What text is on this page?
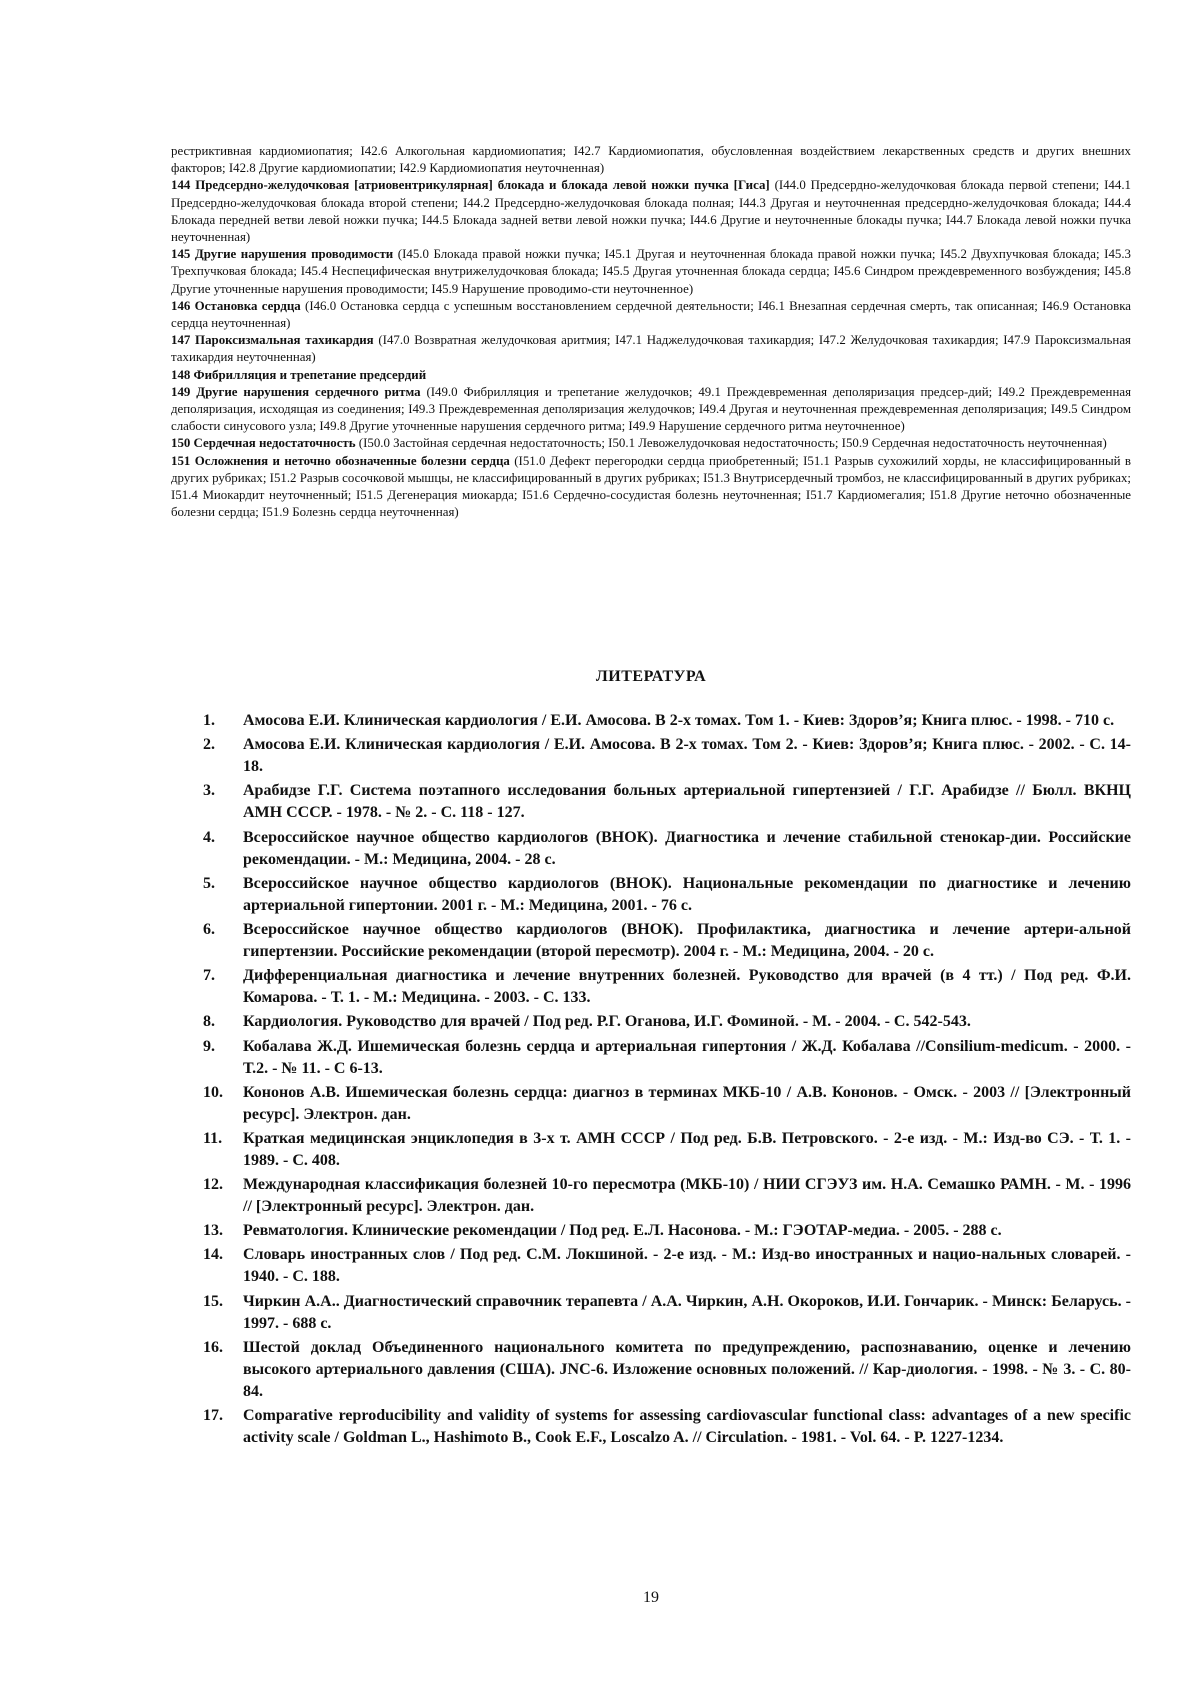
рестриктивная кардиомиопатия; I42.6 Алкогольная кардиомиопатия; I42.7 Кардиомиопатия, обусловленная воздействием лекарственных средств и других внешних факторов; I42.8 Другие кардиомиопатии; I42.9 Кардиомиопатия неуточненная)

144 Предсердно-желудочковая [атриовентрикулярная] блокада и блокада левой ножки пучка [Гиса] (I44.0 Предсердно-желудочковая блокада первой степени; I44.1 Предсердно-желудочковая блокада второй степени; I44.2 Предсердно-желудочковая блокада полная; I44.3 Другая и неуточненная предсердно-желудочковая блокада; I44.4 Блокада передней ветви левой ножки пучка; I44.5 Блокада задней ветви левой ножки пучка; I44.6 Другие и неуточненные блокады пучка; I44.7 Блокада левой ножки пучка неуточненная)

145 Другие нарушения проводимости (I45.0 Блокада правой ножки пучка; I45.1 Другая и неуточненная блокада правой ножки пучка; I45.2 Двухпучковая блокада; I45.3 Трехпучковая блокада; I45.4 Неспецифическая внутрижелудочковая блокада; I45.5 Другая уточненная блокада сердца; I45.6 Синдром преждевременного возбуждения; I45.8 Другие уточненные нарушения проводимости; I45.9 Нарушение проводимо-сти неуточненное)

146 Остановка сердца (I46.0 Остановка сердца с успешным восстановлением сердечной деятельности; I46.1 Внезапная сердечная смерть, так описанная; I46.9 Остановка сердца неуточненная)

147 Пароксизмальная тахикардия (I47.0 Возвратная желудочковая аритмия; I47.1 Наджелудочковая тахикардия; I47.2 Желудочковая тахикардия; I47.9 Пароксизмальная тахикардия неуточненная)

148 Фибрилляция и трепетание предсердий

149 Другие нарушения сердечного ритма (I49.0 Фибрилляция и трепетание желудочков; 49.1 Преждевременная деполяризация предсер-дий; I49.2 Преждевременная деполяризация, исходящая из соединения; I49.3 Преждевременная деполяризация желудочков; I49.4 Другая и неуточненная преждевременная деполяризация; I49.5 Синдром слабости синусового узла; I49.8 Другие уточненные нарушения сердечного ритма; I49.9 Нарушение сердечного ритма неуточненное)

150 Сердечная недостаточность (I50.0 Застойная сердечная недостаточность; I50.1 Левожелудочковая недостаточность; I50.9 Сердечная недостаточность неуточненная)

151 Осложнения и неточно обозначенные болезни сердца (I51.0 Дефект перегородки сердца приобретенный; I51.1 Разрыв сухожилий хорды, не классифицированный в других рубриках; I51.2 Разрыв сосочковой мышцы, не классифицированный в других рубриках; I51.3 Внутрисердечный тромбоз, не классифицированный в других рубриках; I51.4 Миокардит неуточненный; I51.5 Дегенерация миокарда; I51.6 Сердечно-сосудистая болезнь неуточненная; I51.7 Кардиомегалия; I51.8 Другие неточно обозначенные болезни сердца; I51.9 Болезнь сердца неуточненная)

ЛИТЕРАТУРА
1.	Амосова Е.И. Клиническая кардиология / Е.И. Амосова. В 2-х томах. Том 1. - Киев: Здоров’я; Книга плюс. - 1998. - 710 с.
2.	Амосова Е.И. Клиническая кардиология / Е.И. Амосова. В 2-х томах. Том 2. - Киев: Здоров’я; Книга плюс. - 2002. - С. 14-18.
3.	Арабидзе Г.Г. Система поэтапного исследования больных артериальной гипертензией / Г.Г. Арабидзе // Бюлл. ВКНЦ АМН СССР. - 1978. - № 2. - С. 118 - 127.
4.	Всероссийское научное общество кардиологов (ВНОК). Диагностика и лечение стабильной стенокар-дии. Российские рекомендации. - М.: Медицина, 2004. - 28 с.
5.	Всероссийское научное общество кардиологов (ВНОК). Национальные рекомендации по диагностике и лечению артериальной гипертонии. 2001 г. - М.: Медицина, 2001. - 76 с.
6.	Всероссийское научное общество кардиологов (ВНОК). Профилактика, диагностика и лечение артери-альной гипертензии. Российские рекомендации (второй пересмотр). 2004 г. - М.: Медицина, 2004. - 20 с.
7.	Дифференциальная диагностика и лечение внутренних болезней. Руководство для врачей (в 4 тт.) / Под ред. Ф.И. Комарова. - Т. 1. - М.: Медицина. - 2003. - С. 133.
8.	Кардиология. Руководство для врачей / Под ред. Р.Г. Оганова, И.Г. Фоминой. - М. - 2004. - С. 542-543.
9.	Кобалава Ж.Д. Ишемическая болезнь сердца и артериальная гипертония / Ж.Д. Кобалава //Consilium-medicum. - 2000. - Т.2. - № 11. - С 6-13.
10.	Кононов А.В. Ишемическая болезнь сердца: диагноз в терминах МКБ-10 / А.В. Кононов. - Омск. - 2003 // [Электронный ресурс]. Электрон. дан.
11.	Краткая медицинская энциклопедия в 3-х т. АМН СССР / Под ред. Б.В. Петровского. - 2-е изд. - М.: Изд-во СЭ. - Т. 1. - 1989. - С. 408.
12.	Международная классификация болезней 10-го пересмотра (МКБ-10) / НИИ СГЭУЗ им. Н.А. Семашко РАМН. - М. - 1996 // [Электронный ресурс]. Электрон. дан.
13.	Ревматология. Клинические рекомендации / Под ред. Е.Л. Насонова. - М.: ГЭОТАР-медиа. - 2005. - 288 с.
14.	Словарь иностранных слов / Под ред. С.М. Локшиной. - 2-е изд. - М.: Изд-во иностранных и нацио-нальных словарей. - 1940. - С. 188.
15.	Чиркин А.А.. Диагностический справочник терапевта / А.А. Чиркин, А.Н. Окороков, И.И. Гончарик. - Минск: Беларусь. - 1997. - 688 с.
16.	Шестой доклад Объединенного национального комитета по предупреждению, распознаванию, оценке и лечению высокого артериального давления (США). JNC-6. Изложение основных положений. // Кар-диология. - 1998. - № 3. - С. 80-84.
17.	Comparative reproducibility and validity of systems for assessing cardiovascular functional class: advantages of a new specific activity scale / Goldman L., Hashimoto B., Cook E.F., Loscalzo A. // Circulation. - 1981. - Vol. 64. - P. 1227-1234.
19
